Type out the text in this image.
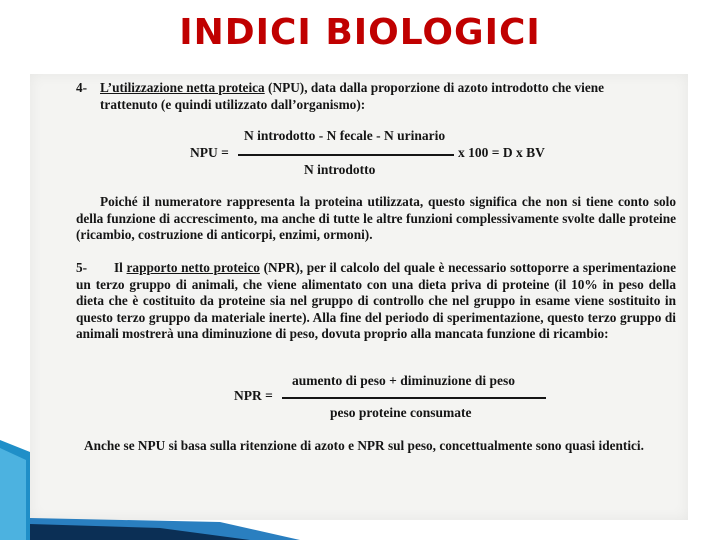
INDICI BIOLOGICI
4- L’utilizzazione netta proteica (NPU), data dalla proporzione di azoto introdotto che viene
trattenuto (e quindi utilizzato dall’organismo):
N introdotto - N fecale - N urinario
NPU =	x 100 = D x BV
N introdotto
Poiché il numeratore rappresenta la proteina utilizzata, questo significa che non si tiene conto solo della funzione di accrescimento, ma anche di tutte le altre funzioni complessivamente svolte dalle proteine (ricambio, costruzione di anticorpi, enzimi, ormoni).
5-	Il rapporto netto proteico (NPR), per il calcolo del quale è necessario sottoporre a sperimentazione un terzo gruppo di animali, che viene alimentato con una dieta priva di proteine (il 10% in peso della dieta che è costituito da proteine sia nel gruppo di controllo che nel gruppo in esame viene sostituito in questo terzo gruppo da materiale inerte). Alla fine del periodo di sperimentazione, questo terzo gruppo di animali mostrerà una diminuzione di peso, dovuta proprio alla mancata funzione di ricambio:
aumento di peso + diminuzione di peso
NPR =
peso proteine consumate
Anche se NPU si basa sulla ritenzione di azoto e NPR sul peso, concettualmente sono quasi identici.
